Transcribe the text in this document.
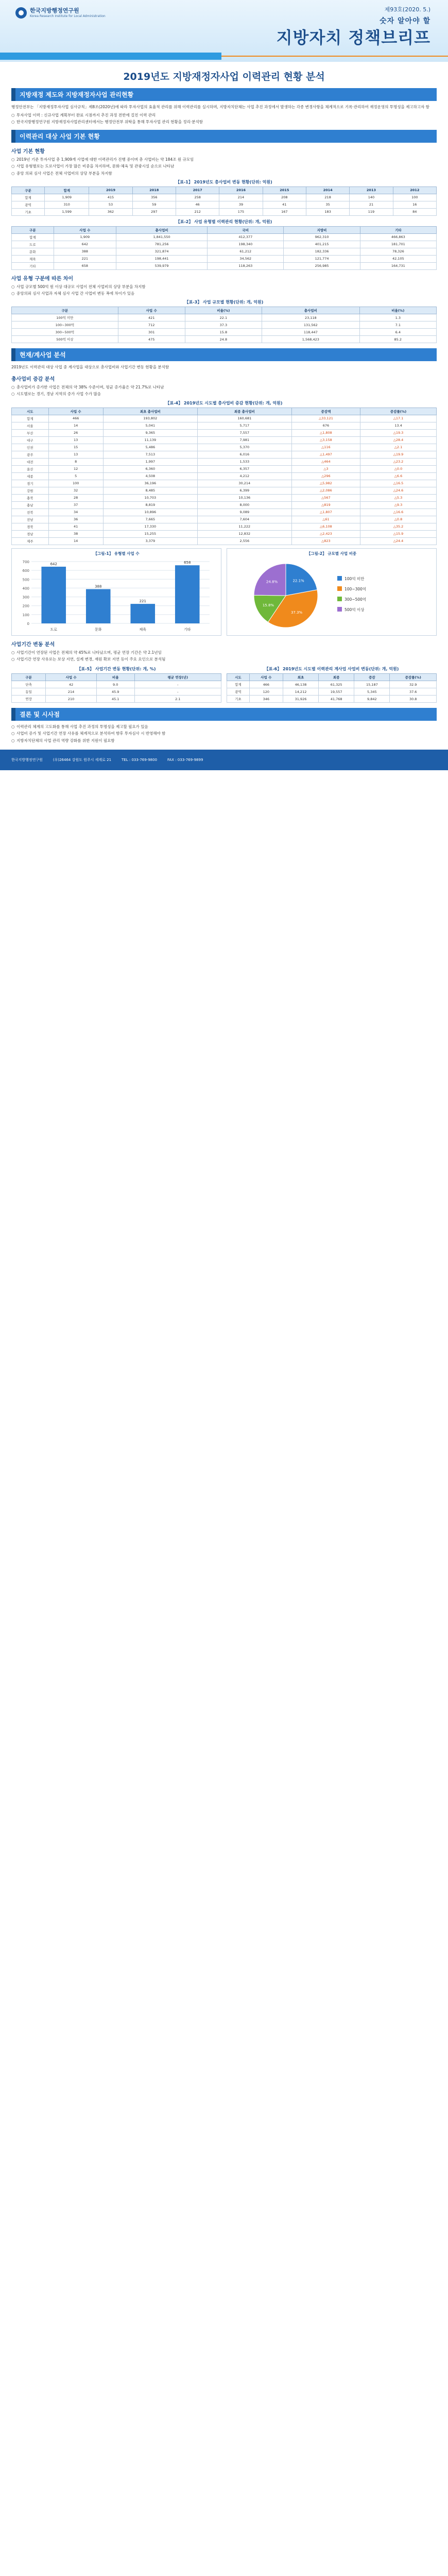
한국지방행정연구원
Korea Research Institute for Local Administration
제93호(2020. 5.)
숫자 알아야 할
지방자치 정책브리프
2019년도 지방재정자사업 이력관리 현황 분석
지방재정 제도와 지방재정자사업 관리현황

행정안전부는 「지방재정투자사업 심사규칙」제8조(2020년)에 따라 투자사업의 효율적 관리를 위해 이력관리를 실시하며, 지방자치단체는 사업 추진 과정에서 발생하는 각종 변경사항을 체계적으로 기록·관리하여 재정운영의 투명성을 제고하고자 함

○ 투자사업 이력 : 신규사업 계획부터 완료 시점까지 추진 과정 전반에 걸친 이력 관리
○ 한국지방행정연구원 지방재정자사업관리센터에서는 행정안전부 위탁을 통해 투자사업 관리 현황을 정리·분석함
이력관리 대상 사업 기본 현황
사업 기본 현황
○ 2019년 기준 투자사업 총 1,909개 사업에 대한 이력관리가 진행 중이며 총 사업비는 약 184조 원 규모임
○ 사업 유형별로는 도로사업이 가장 많은 비중을 차지하며, 문화·체육 및 관광시설 순으로 나타남
○ 중앙 의뢰 심사 사업은 전체 사업비의 상당 부분을 차지함
【표-1】 2019년도 총사업비 변동 현황(단위: 억원)
구분	합계	2019	2018	2017	2016	2015	2014	2013	2012
합계	1,909	415	356	258	214	208	218	140	100
광역	310	53	59	46	39	41	35	21	16
기초	1,599	362	297	212	175	167	183	119	84
【표-2】 사업 유형별 이력관리 현황(단위: 개, 억원)
구분	사업 수	총사업비	국비	지방비	기타
합계	1,909	1,841,550	412,377	962,310	466,863
도로	642	781,256	198,340	401,215	181,701
문화	388	321,874	61,212	182,336	78,326
체육	221	198,441	34,562	121,774	42,105
기타	658	539,979	118,263	256,985	164,731
사업 유형 구분에 따른 차이
○ 사업 규모별 500억 원 이상 대규모 사업이 전체 사업비의 상당 부분을 차지함
○ 중앙의뢰 심사 사업과 자체 심사 사업 간 사업비 변동 폭에 차이가 있음
【표-3】 사업 규모별 현황(단위: 개, 억원)
구분	사업 수	비율(%)	총사업비	비율(%)
100억 미만	421	22.1	23,118	1.3
100~300억	712	37.3	131,562	7.1
300~500억	301	15.8	118,447	6.4
500억 이상	475	24.8	1,568,423	85.2
현재/계사업 분석

2019년도 이력관리 대상 사업 중 계사업을 대상으로 총사업비와 사업기간 변동 현황을 분석함

총사업비 증감 분석
○ 총사업비가 증가한 사업은 전체의 약 38% 수준이며, 평균 증가율은 약 21.7%로 나타남
○ 시도별로는 경기, 경남 지역의 증가 사업 수가 많음
【표-4】 2019년도 시도별 총사업비 증감 현황(단위: 개, 억원)
시도	사업 수	최초 총사업비	최종 총사업비	증감액	증감률(%)
합계	466	193,802	160,681	△33,121	△17.1
서울	14	5,041	5,717	676	13.4
부산	26	9,365	7,557	△1,808	△19.3
대구	13	11,139	7,981	△3,158	△28.4
인천	15	5,486	5,370	△116	△2.1
광주	13	7,513	6,016	△1,497	△19.9
대전	8	1,997	1,533	△464	△23.2
울산	12	6,360	6,357	△3	△0.0
세종	5	4,508	4,212	△296	△6.6
경기	100	36,196	30,214	△5,982	△16.5
강원	32	8,485	6,399	△2,086	△24.6
충북	28	10,703	10,136	△567	△5.3
충남	37	8,819	8,000	△819	△9.3
전북	34	10,896	9,089	△1,807	△16.6
전남	36	7,665	7,604	△61	△0.8
경북	41	17,330	11,222	△6,108	△35.2
경남	38	15,255	12,832	△2,423	△15.9
제주	14	3,379	2,556	△823	△24.4
【그림-1】 유형별 사업 수
0
100
200
300
400
500
600
700	642
도로
388
문화
221
체육
658
기타
【그림-2】 규모별 사업 비중
22.1%	100억 미만
37.3%
100~300억
15.8%
300~500억
24.8%
500억 이상
사업기간 변동 분석
○ 사업기간이 연장된 사업은 전체의 약 45%로 나타났으며, 평균 연장 기간은 약 2.1년임
○ 사업기간 연장 사유로는 보상 지연, 설계 변경, 재원 확보 지연 등이 주요 요인으로 분석됨
【표-5】 사업기간 변동 현황(단위: 개, %)
구분	사업 수	비율	평균 연장(년)
단축	42	9.0	-
동일	214	45.9	-
연장	210	45.1	2.1
【표-6】 2019년도 시도별 이력관리 계사업 사업비 변동(단위: 개, 억원)
시도	사업 수	최초	최종	증감	증감률(%)
합계	466	46,138	61,325	15,187	32.9
광역	120	14,212	19,557	5,345	37.6
기초	346	31,926	41,768	9,842	30.8
결론 및 시사점
○ 이력관리 체계의 고도화를 통해 사업 추진 과정의 투명성을 제고할 필요가 있음
○ 사업비 증가 및 사업기간 연장 사유를 체계적으로 분석하여 향후 투자심사 시 반영해야 함
○ 지방자치단체의 사업 관리 역량 강화를 위한 지원이 필요함
한국지방행정연구원	(우)26464 강원도 원주시 세계로 21	TEL : 033-769-9800	FAX : 033-769-9899
